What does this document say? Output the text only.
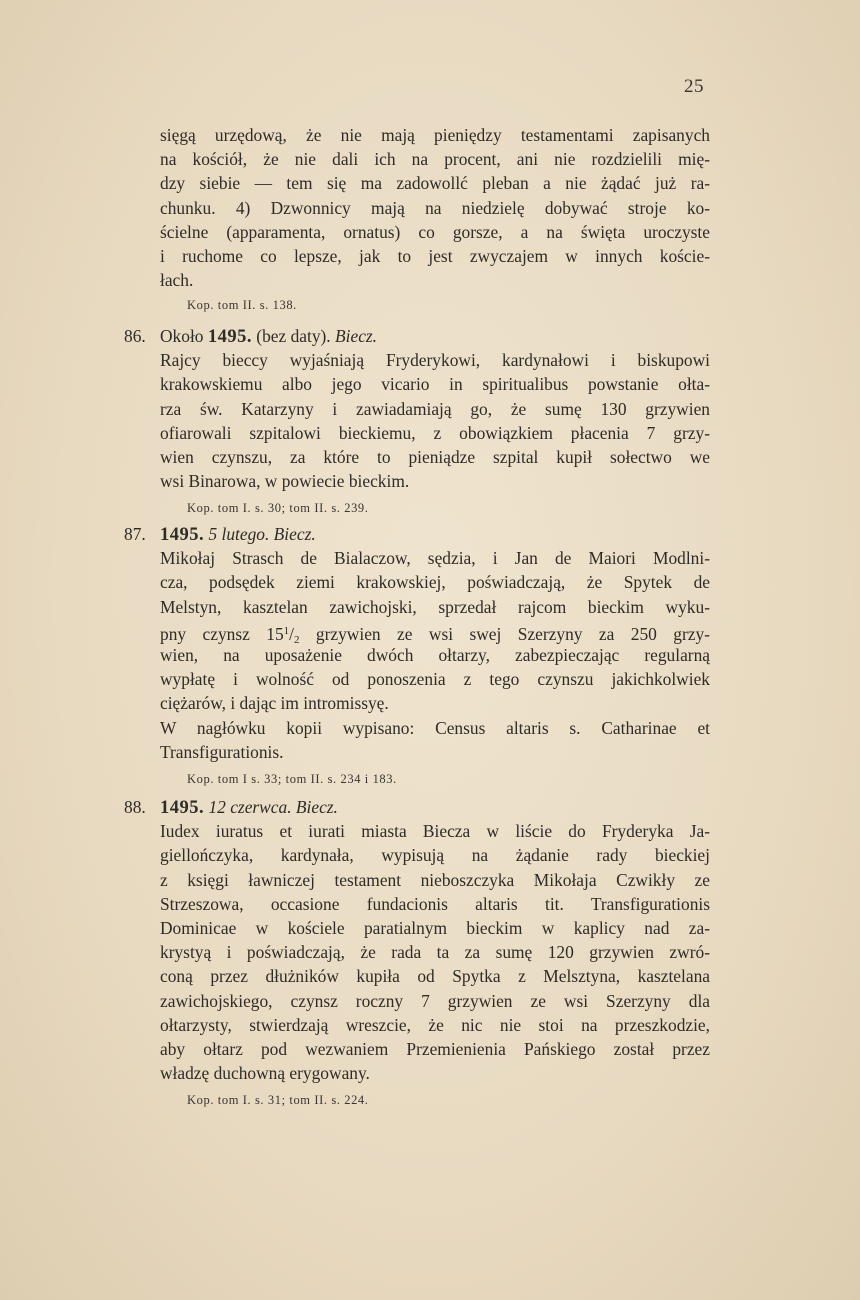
25
sięgą urzędową, że nie mają pieniędzy testamentami zapisanych
na kościół, że nie dali ich na procent, ani nie rozdzielili mię-
dzy siebie — tem się ma zadowollć pleban a nie żądać już ra-
chunku. 4) Dzwonnicy mają na niedzielę dobywać stroje ko-
ścielne (apparamenta, ornatus) co gorsze, a na święta uroczyste
i ruchome co lepsze, jak to jest zwyczajem w innych koście-
łach.
Kop. tom II. s. 138.
86. Około 1495. (bez daty). Biecz.
Rajcy bieccy wyjaśniają Fryderykowi, kardynałowi i biskupowi
krakowskiemu albo jego vicario in spiritualibus powstanie ołta-
rza św. Katarzyny i zawiadamiają go, że sumę 130 grzywien
ofiarowali szpitalowi bieckiemu, z obowiązkiem płacenia 7 grzy-
wien czynszu, za które to pieniądze szpital kupił sołectwo we
wsi Binarowa, w powiecie bieckim.
Kop. tom I. s. 30; tom II. s. 239.
87. 1495. 5 lutego. Biecz.
Mikołaj Strasch de Bialaczow, sędzia, i Jan de Maiori Modlni-
cza, podsędek ziemi krakowskiej, poświadczają, że Spytek de
Melstyn, kasztelan zawichojski, sprzedał rajcom bieckim wyku-
pny czynsz $15^1/_2$ grzywien ze wsi swej Szerzyny za 250 grzy-
wien, na uposażenie dwóch ołtarzy, zabezpieczając regularną
wypłatę i wolność od ponoszenia z tego czynszu jakichkolwiek
ciężarów, i dając im intromissyę.
W nagłówku kopii wypisano: Census altaris s. Catharinae et
Transfigurationis.
Kop. tom I s. 33; tom II. s. 234 i 183.
88. 1495. 12 czerwca. Biecz.
Iudex iuratus et iurati miasta Biecza w liście do Fryderyka Ja-
giellończyka, kardynała, wypisują na żądanie rady bieckiej
z księgi ławniczej testament nieboszczyka Mikołaja Czwikły ze
Strzeszowa, occasione fundacionis altaris tit. Transfigurationis
Dominicae w kościele paratialnym bieckim w kaplicy nad za-
krystyą i poświadczają, że rada ta za sumę 120 grzywien zwró-
coną przez dłużników kupiła od Spytka z Melsztyna, kasztelana
zawichojskiego, czynsz roczny 7 grzywien ze wsi Szerzyny dla
ołtarzysty, stwierdzają wreszcie, że nic nie stoi na przeszkodzie,
aby ołtarz pod wezwaniem Przemienienia Pańskiego został przez
władzę duchowną erygowany.
Kop. tom I. s. 31; tom II. s. 224.
